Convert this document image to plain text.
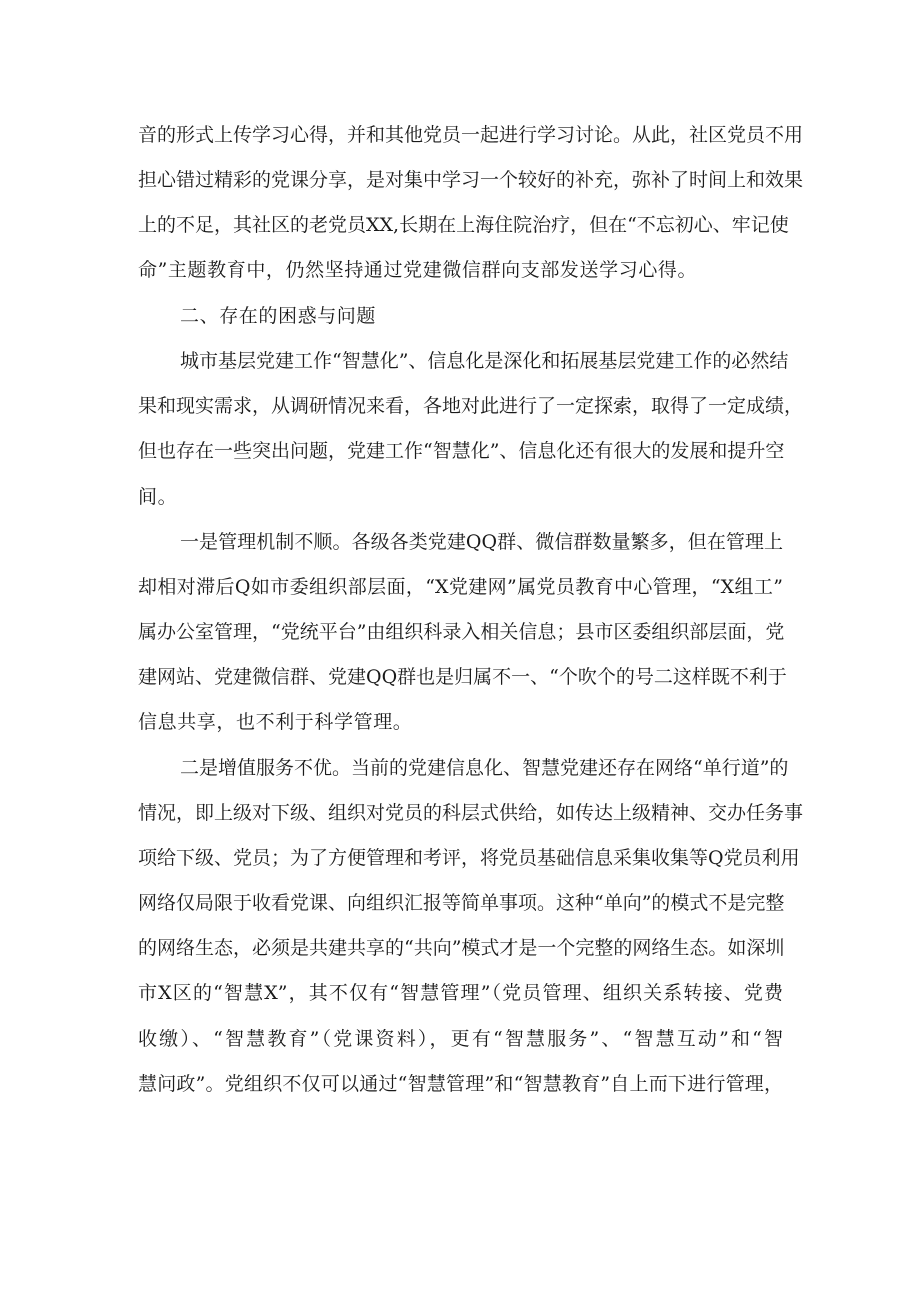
音的形式上传学习心得，并和其他党员一起进行学习讨论。从此，社区党员不用
担心错过精彩的党课分享，是对集中学习一个较好的补充，弥补了时间上和效果
上的不足，其社区的老党员XX,长期在上海住院治疗，但在“不忘初心、牢记使
命”主题教育中，仍然坚持通过党建微信群向支部发送学习心得。
二、存在的困惑与问题
城市基层党建工作“智慧化”、信息化是深化和拓展基层党建工作的必然结
果和现实需求，从调研情况来看，各地对此进行了一定探索，取得了一定成绩，
但也存在一些突出问题，党建工作“智慧化”、信息化还有很大的发展和提升空
间。
一是管理机制不顺。各级各类党建QQ群、微信群数量繁多，但在管理上
却相对滞后Q如市委组织部层面，“X党建网”属党员教育中心管理，“X组工”
属办公室管理，“党统平台”由组织科录入相关信息；县市区委组织部层面，党
建网站、党建微信群、党建QQ群也是归属不一、“个吹个的号二这样既不利于
信息共享，也不利于科学管理。
二是增值服务不优。当前的党建信息化、智慧党建还存在网络“单行道”的
情况，即上级对下级、组织对党员的科层式供给，如传达上级精神、交办任务事
项给下级、党员；为了方便管理和考评，将党员基础信息采集收集等Q党员利用
网络仅局限于收看党课、向组织汇报等简单事项。这种“单向”的模式不是完整
的网络生态，必须是共建共享的“共向”模式才是一个完整的网络生态。如深圳
市X区的“智慧X”，其不仅有“智慧管理”（党员管理、组织关系转接、党费
收缴）、“智慧教育”（党课资料），更有“智慧服务”、“智慧互动”和“智
慧问政”。党组织不仅可以通过“智慧管理”和“智慧教育”自上而下进行管理，
